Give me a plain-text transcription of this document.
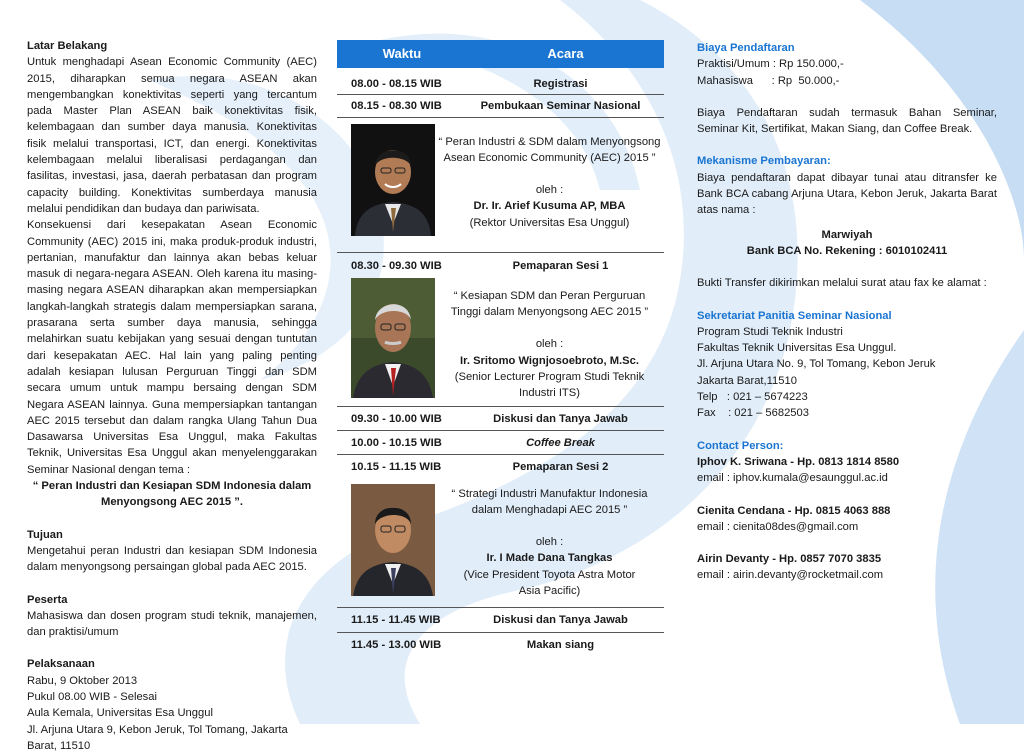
Latar Belakang

Untuk menghadapi Asean Economic Community (AEC) 2015, diharapkan semua negara ASEAN akan mengembangkan konektivitas seperti yang tercantum pada Master Plan ASEAN baik konektivitas fisik, kelembagaan dan sumber daya manusia. Konektivitas fisik melalui transportasi, ICT, dan energi. Konektivitas kelembagaan melalui liberalisasi perdagangan dan fasilitas, investasi, jasa, daerah perbatasan dan program capacity building. Konektivitas sumberdaya manusia melalui pendidikan dan budaya dan pariwisata.

Konsekuensi dari kesepakatan Asean Economic Community (AEC) 2015 ini, maka produk-produk industri, pertanian, manufaktur dan lainnya akan bebas keluar masuk di negara-negara ASEAN. Oleh karena itu masing-masing negara ASEAN diharapkan akan mempersiapkan langkah-langkah strategis dalam mempersiapkan sarana, prasarana serta sumber daya manusia, sehingga melahirkan suatu kebijakan yang sesuai dengan tuntutan dari kesepakatan AEC. Hal lain yang paling penting adalah kesiapan lulusan Perguruan Tinggi dan SDM secara umum untuk mampu bersaing dengan SDM Negara ASEAN lainnya. Guna mempersiapkan tantangan AEC 2015 tersebut dan dalam rangka Ulang Tahun Dua Dasawarsa Universitas Esa Unggul, maka Fakultas Teknik, Universitas Esa Unggul akan menyelenggarakan Seminar Nasional dengan tema :

“ Peran Industri dan Kesiapan SDM Indonesia dalam
Menyongsong AEC 2015 ”.
Tujuan

Mengetahui peran Industri dan kesiapan SDM Indonesia dalam menyongsong persaingan global pada AEC 2015.

Peserta

Mahasiswa dan dosen program studi teknik, manajemen, dan praktisi/umum

Pelaksanaan
Rabu, 9 Oktober 2013
Pukul 08.00 WIB - Selesai
Aula Kemala, Universitas Esa Unggul
Jl. Arjuna Utara 9, Kebon Jeruk, Tol Tomang, Jakarta Barat, 11510
Waktu	Acara
08.00 - 08.15 WIB	Registrasi
08.15 - 08.30 WIB	Pembukaan Seminar Nasional
“ Peran Industri & SDM dalam Menyongsong
Asean Economic Community (AEC) 2015 ”
oleh :
Dr. Ir. Arief Kusuma AP, MBA
(Rektor Universitas Esa Unggul)
08.30 - 09.30 WIB	Pemaparan Sesi 1
“ Kesiapan SDM dan Peran Perguruan
Tinggi dalam Menyongsong AEC 2015 ”
oleh :
Ir. Sritomo Wignjosoebroto, M.Sc.
(Senior Lecturer Program Studi Teknik
Industri ITS)
09.30 - 10.00 WIB	Diskusi dan Tanya Jawab
10.00 - 10.15 WIB	Coffee Break
10.15 - 11.15 WIB	Pemaparan Sesi 2
“ Strategi Industri Manufaktur Indonesia
dalam Menghadapi AEC 2015 ”
oleh :
Ir. I Made Dana Tangkas
(Vice President Toyota Astra Motor
Asia Pacific)
11.15 - 11.45 WIB	Diskusi dan Tanya Jawab
11.45 - 13.00 WIB	Makan siang
Biaya Pendaftaran
Praktisi/Umum : Rp 150.000,-
Mahasiswa      : Rp  50.000,-

Biaya Pendaftaran sudah termasuk Bahan Seminar, Seminar Kit, Sertifikat, Makan Siang, dan Coffee Break.

Mekanisme Pembayaran:

Biaya pendaftaran dapat dibayar tunai atau ditransfer ke Bank BCA cabang Arjuna Utara, Kebon Jeruk, Jakarta Barat atas nama :

Marwiyah
Bank BCA No. Rekening : 6010102411
Bukti Transfer dikirimkan melalui surat atau fax ke alamat :
Sekretariat Panitia Seminar Nasional
Program Studi Teknik Industri
Fakultas Teknik Universitas Esa Unggul.
Jl. Arjuna Utara No. 9, Tol Tomang, Kebon Jeruk
Jakarta Barat,11510
Telp   : 021 – 5674223
Fax    : 021 – 5682503
Contact Person:
Iphov K. Sriwana - Hp. 0813 1814 8580
email : iphov.kumala@esaunggul.ac.id
Cienita Cendana - Hp. 0815 4063 888
email : cienita08des@gmail.com
Airin Devanty - Hp. 0857 7070 3835
email : airin.devanty@rocketmail.com
